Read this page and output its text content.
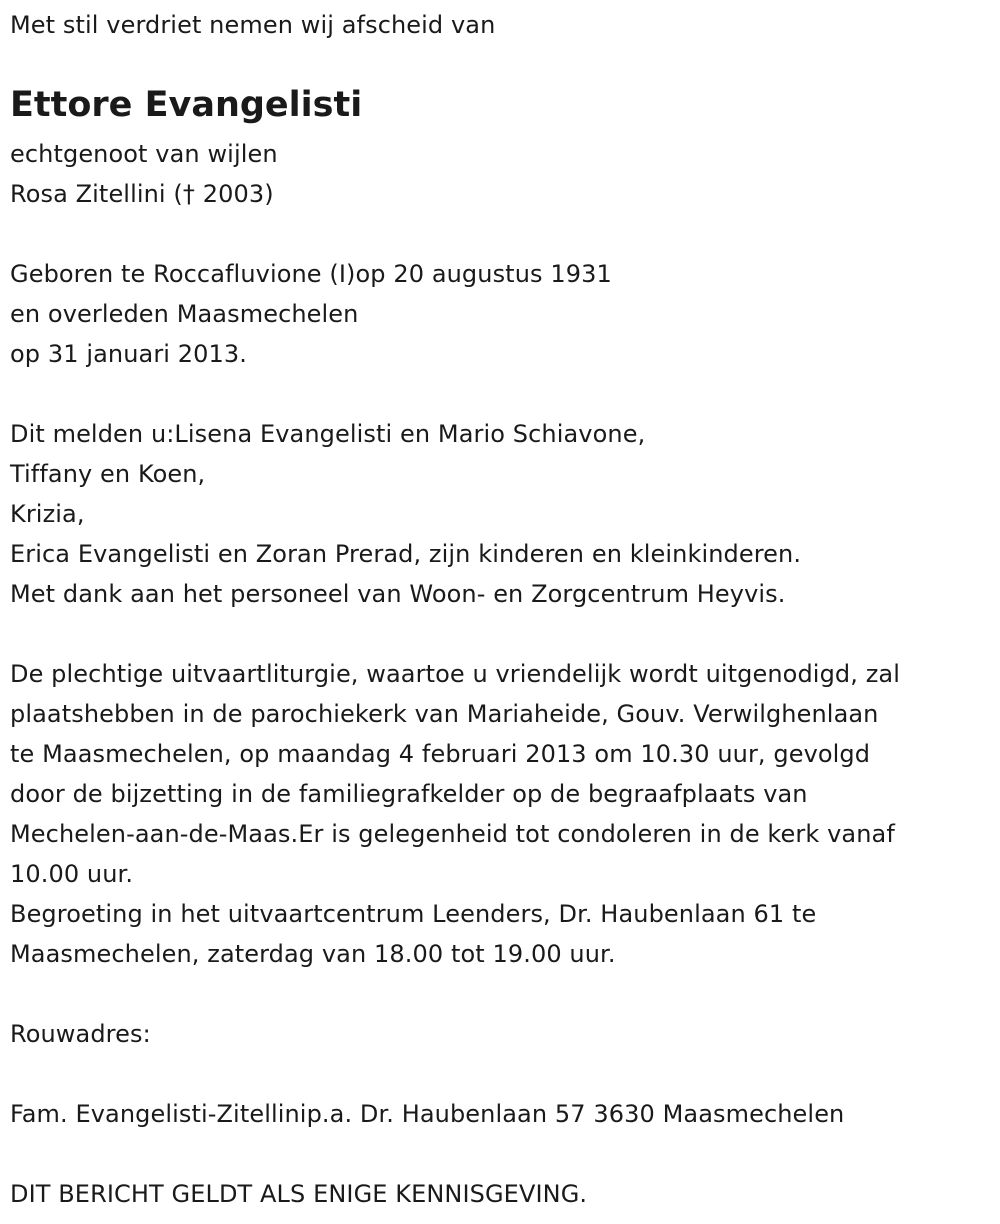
Met stil verdriet nemen wij afscheid van
Ettore Evangelisti
echtgenoot van wijlen
Rosa Zitellini († 2003)
Geboren te Roccafluvione (I)op 20 augustus 1931
en overleden Maasmechelen
op 31 januari 2013.
Dit melden u:Lisena Evangelisti en Mario Schiavone,
Tiffany en Koen,
Krizia,
Erica Evangelisti en Zoran Prerad, zijn kinderen en kleinkinderen.
Met dank aan het personeel van Woon- en Zorgcentrum Heyvis.
De plechtige uitvaartliturgie, waartoe u vriendelijk wordt uitgenodigd, zal
plaatshebben in de parochiekerk van Mariaheide, Gouv. Verwilghenlaan
te Maasmechelen, op maandag 4 februari 2013 om 10.30 uur, gevolgd
door de bijzetting in de familiegrafkelder op de begraafplaats van
Mechelen-aan-de-Maas.Er is gelegenheid tot condoleren in de kerk vanaf
10.00 uur.
Begroeting in het uitvaartcentrum Leenders, Dr. Haubenlaan 61 te
Maasmechelen, zaterdag van 18.00 tot 19.00 uur.
Rouwadres:
Fam. Evangelisti-Zitellinip.a. Dr. Haubenlaan 57 3630 Maasmechelen
DIT BERICHT GELDT ALS ENIGE KENNISGEVING.
